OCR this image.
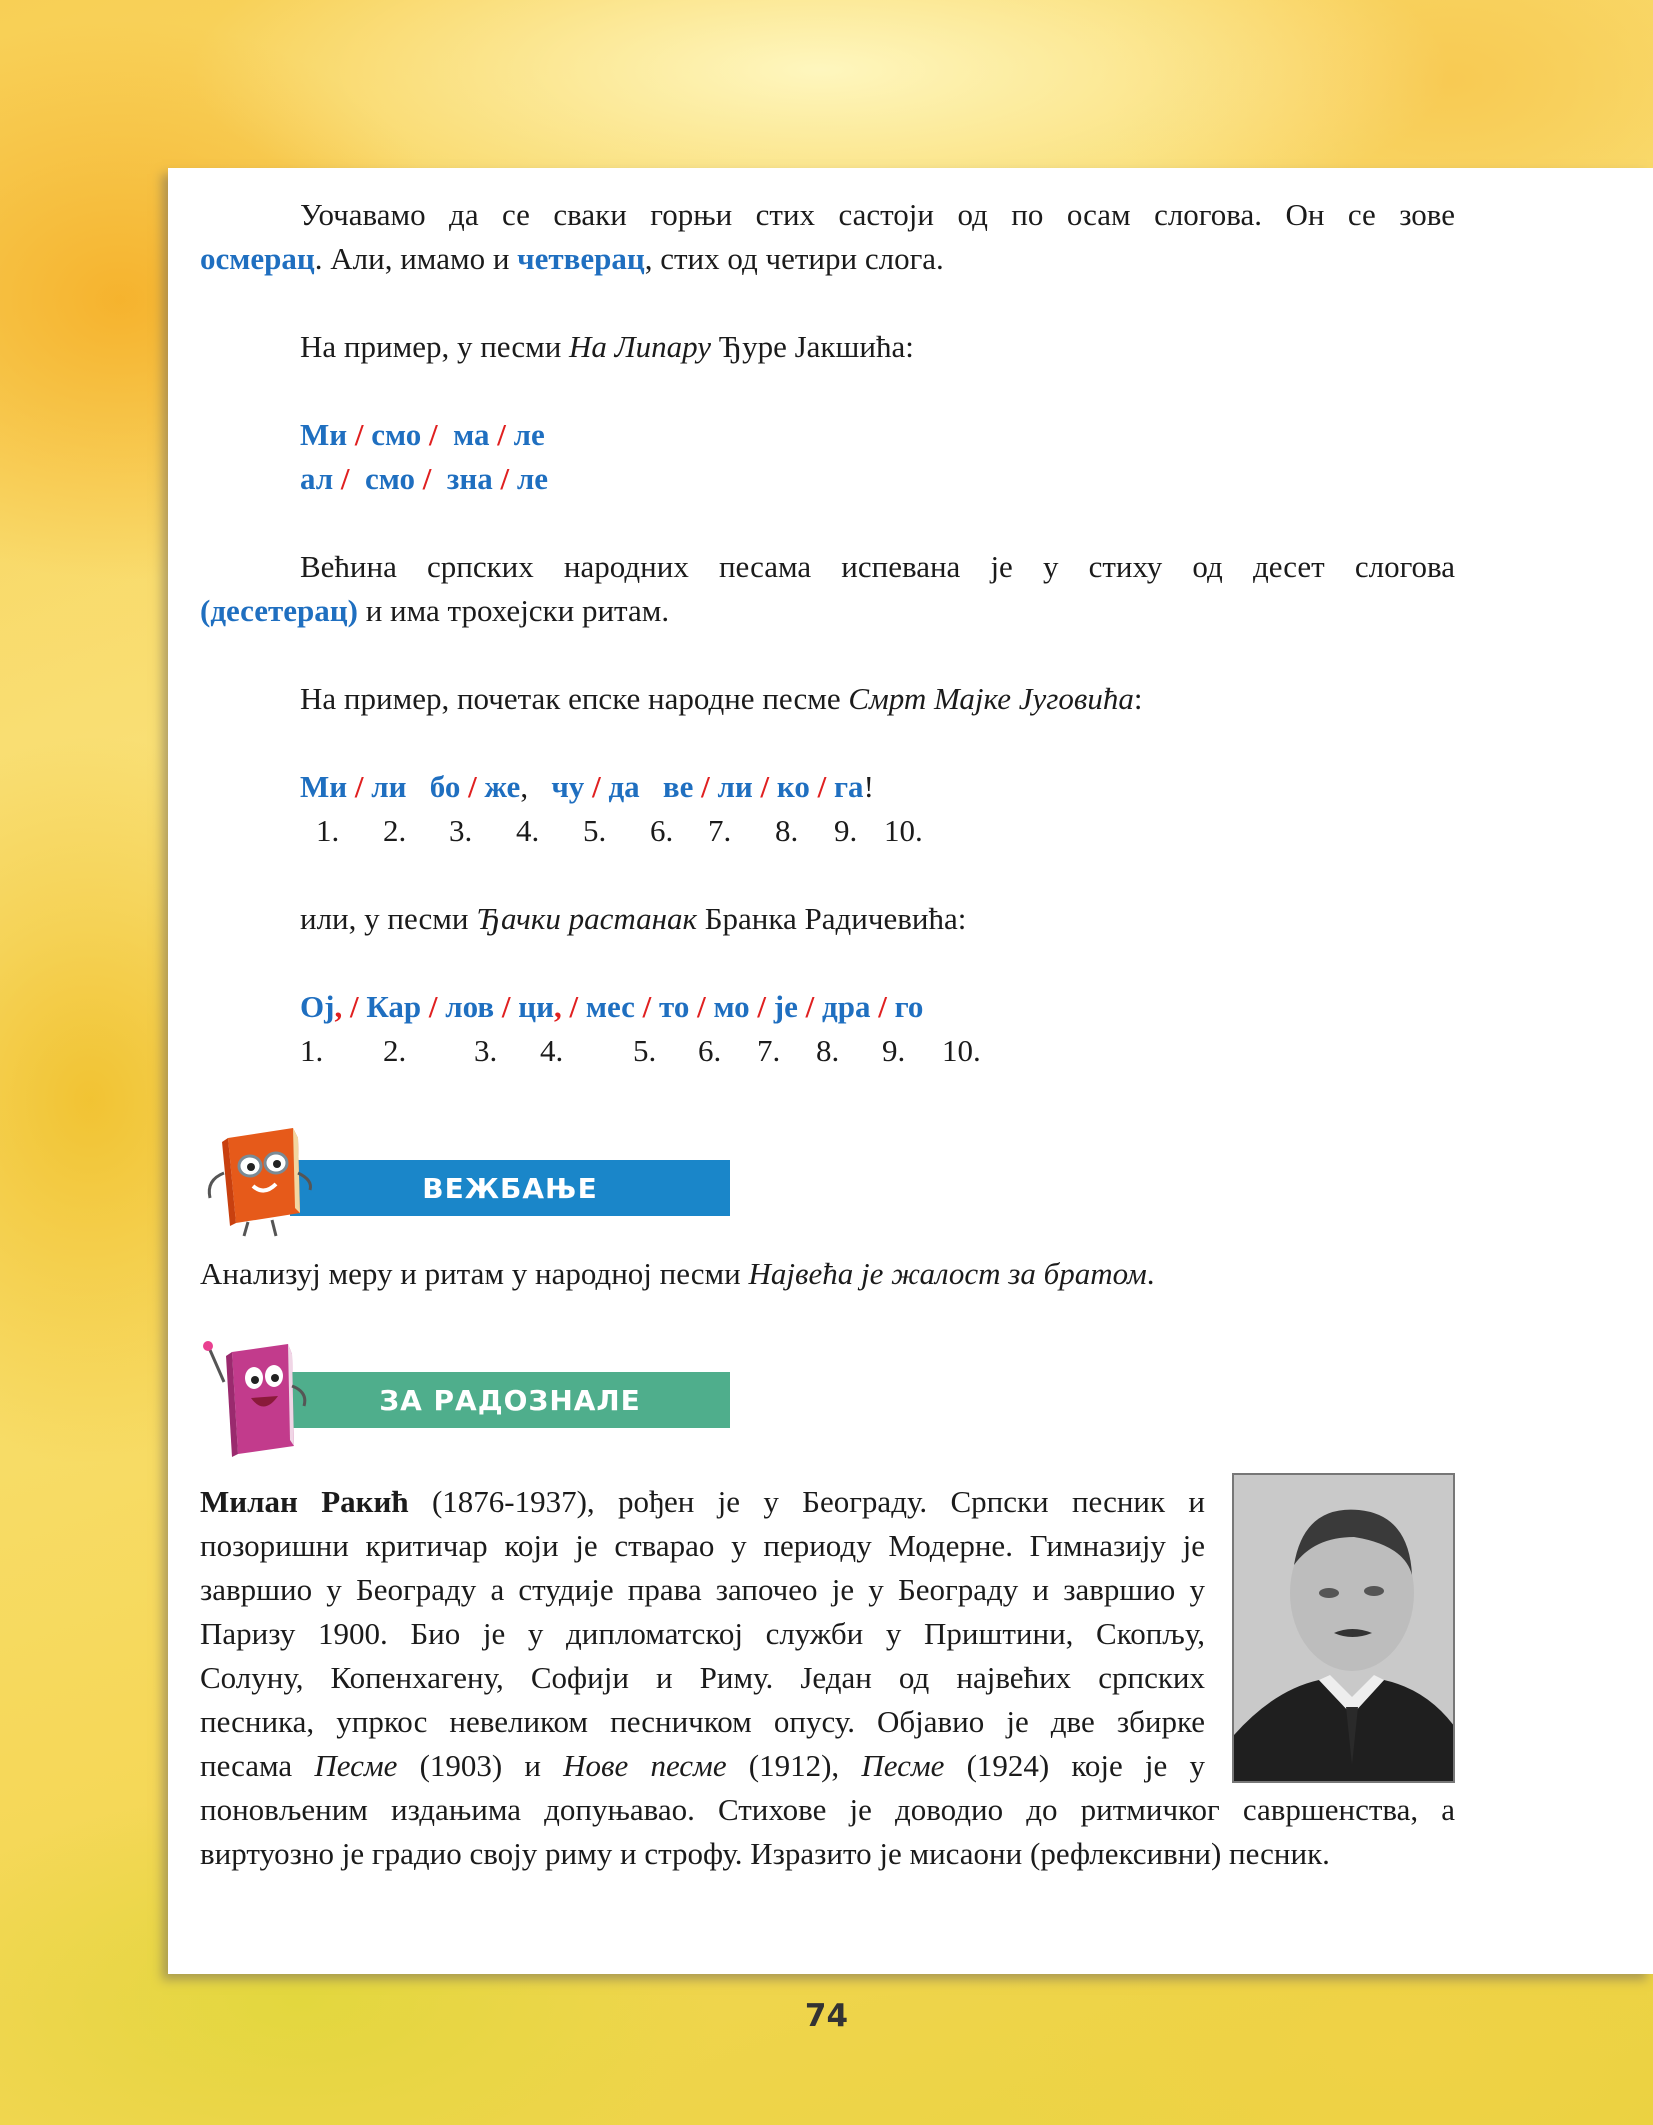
Уочавамо да се сваки горњи стих састоји од по осам слогова. Он се зове
осмерац. Али, имамо и четверац, стих од четири слога.
На пример, у песми На Липару Ђуре Јакшића:
Ми / смо /  ма / ле
ал /  смо /  зна / ле
Већина српских народних песама испевана је у стиху од десет слогова
(десетерац) и има трохејски ритам.
На пример, почетак епске народне песме Смрт Мајке Југовића:
Ми / ли бо / же,   чу / да ве / ли / ко / га!
1. 2. 3. 4. 5. 6. 7. 8. 9. 10.
или, у песми Ђачки растанак Бранка Радичевића:
Ој, / Кар / лов / ци, / мес / то / мо / је / дра / го
1. 2. 3. 4. 5. 6. 7. 8. 9. 10.
ВЕЖБАЊЕ
Анализуј меру и ритам у народној песми Највећа је жалост за братом.
ЗА РАДОЗНАЛЕ
Милан Ракић (1876-1937), рођен је у Београду. Српски песник и
позоришни критичар који је стварао у периоду Модерне. Гимназију је
завршио у Београду а студије права започео је у Београду и завршио у
Паризу 1900. Био је у дипломатској служби у Приштини, Скопљу,
Солуну, Копенхагену, Софији и Риму. Један од највећих српских
песника, упркос невеликом песничком опусу. Објавио је две збирке
песама Песме (1903) и Нове песме (1912), Песме (1924) које је у
поновљеним издањима допуњавао. Стихове је доводио до ритмичког савршенства, а
виртуозно је градио своју риму и строфу. Изразито је мисаони (рефлексивни) песник.
74
